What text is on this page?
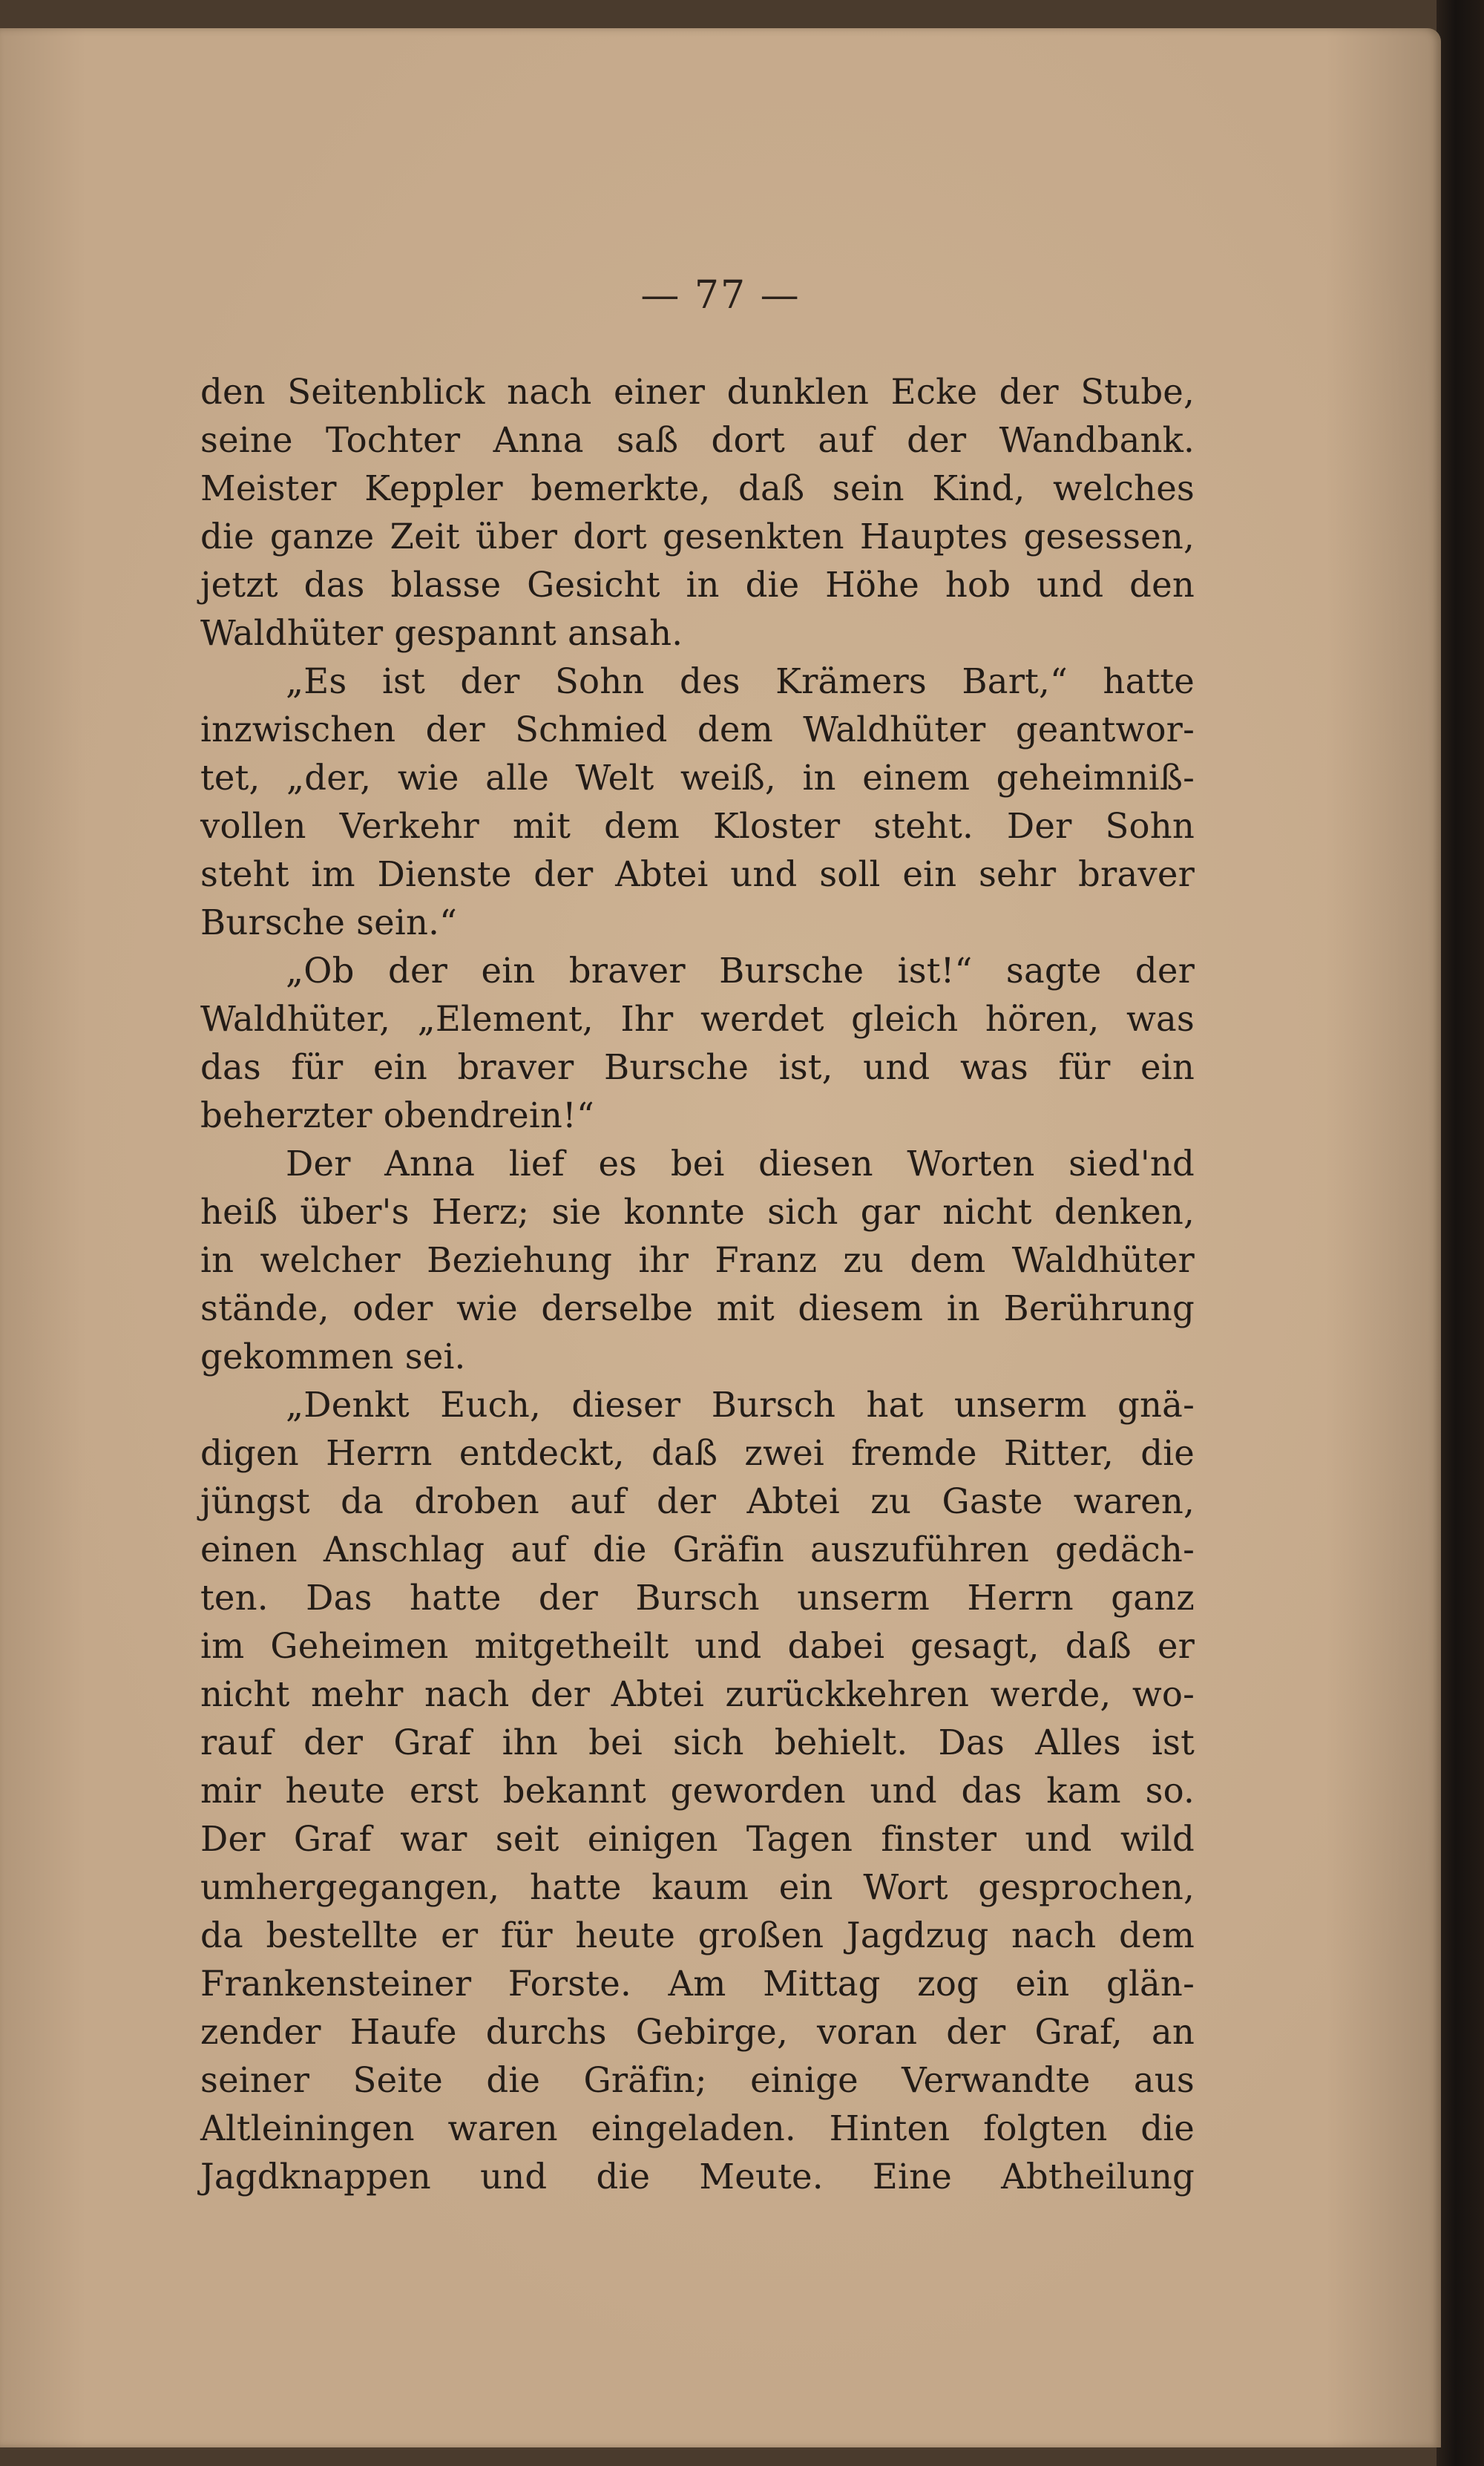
— 77 —
den Seitenblick nach einer dunklen Ecke der Stube,
seine Tochter Anna saß dort auf der Wandbank.
Meister Keppler bemerkte, daß sein Kind, welches
die ganze Zeit über dort gesenkten Hauptes gesessen,
jetzt das blasse Gesicht in die Höhe hob und den
Waldhüter gespannt ansah.
„Es ist der Sohn des Krämers Bart,“ hatte
inzwischen der Schmied dem Waldhüter geantwor-
tet, „der, wie alle Welt weiß, in einem geheimniß-
vollen Verkehr mit dem Kloster steht. Der Sohn
steht im Dienste der Abtei und soll ein sehr braver
Bursche sein.“
„Ob der ein braver Bursche ist!“ sagte der
Waldhüter, „Element, Ihr werdet gleich hören, was
das für ein braver Bursche ist, und was für ein
beherzter obendrein!“
Der Anna lief es bei diesen Worten sied'nd
heiß über's Herz; sie konnte sich gar nicht denken,
in welcher Beziehung ihr Franz zu dem Waldhüter
stände, oder wie derselbe mit diesem in Berührung
gekommen sei.
„Denkt Euch, dieser Bursch hat unserm gnä-
digen Herrn entdeckt, daß zwei fremde Ritter, die
jüngst da droben auf der Abtei zu Gaste waren,
einen Anschlag auf die Gräfin auszuführen gedäch-
ten. Das hatte der Bursch unserm Herrn ganz
im Geheimen mitgetheilt und dabei gesagt, daß er
nicht mehr nach der Abtei zurückkehren werde, wo-
rauf der Graf ihn bei sich behielt. Das Alles ist
mir heute erst bekannt geworden und das kam so.
Der Graf war seit einigen Tagen finster und wild
umhergegangen, hatte kaum ein Wort gesprochen,
da bestellte er für heute großen Jagdzug nach dem
Frankensteiner Forste. Am Mittag zog ein glän-
zender Haufe durchs Gebirge, voran der Graf, an
seiner Seite die Gräfin; einige Verwandte aus
Altleiningen waren eingeladen. Hinten folgten die
Jagdknappen und die Meute. Eine Abtheilung
